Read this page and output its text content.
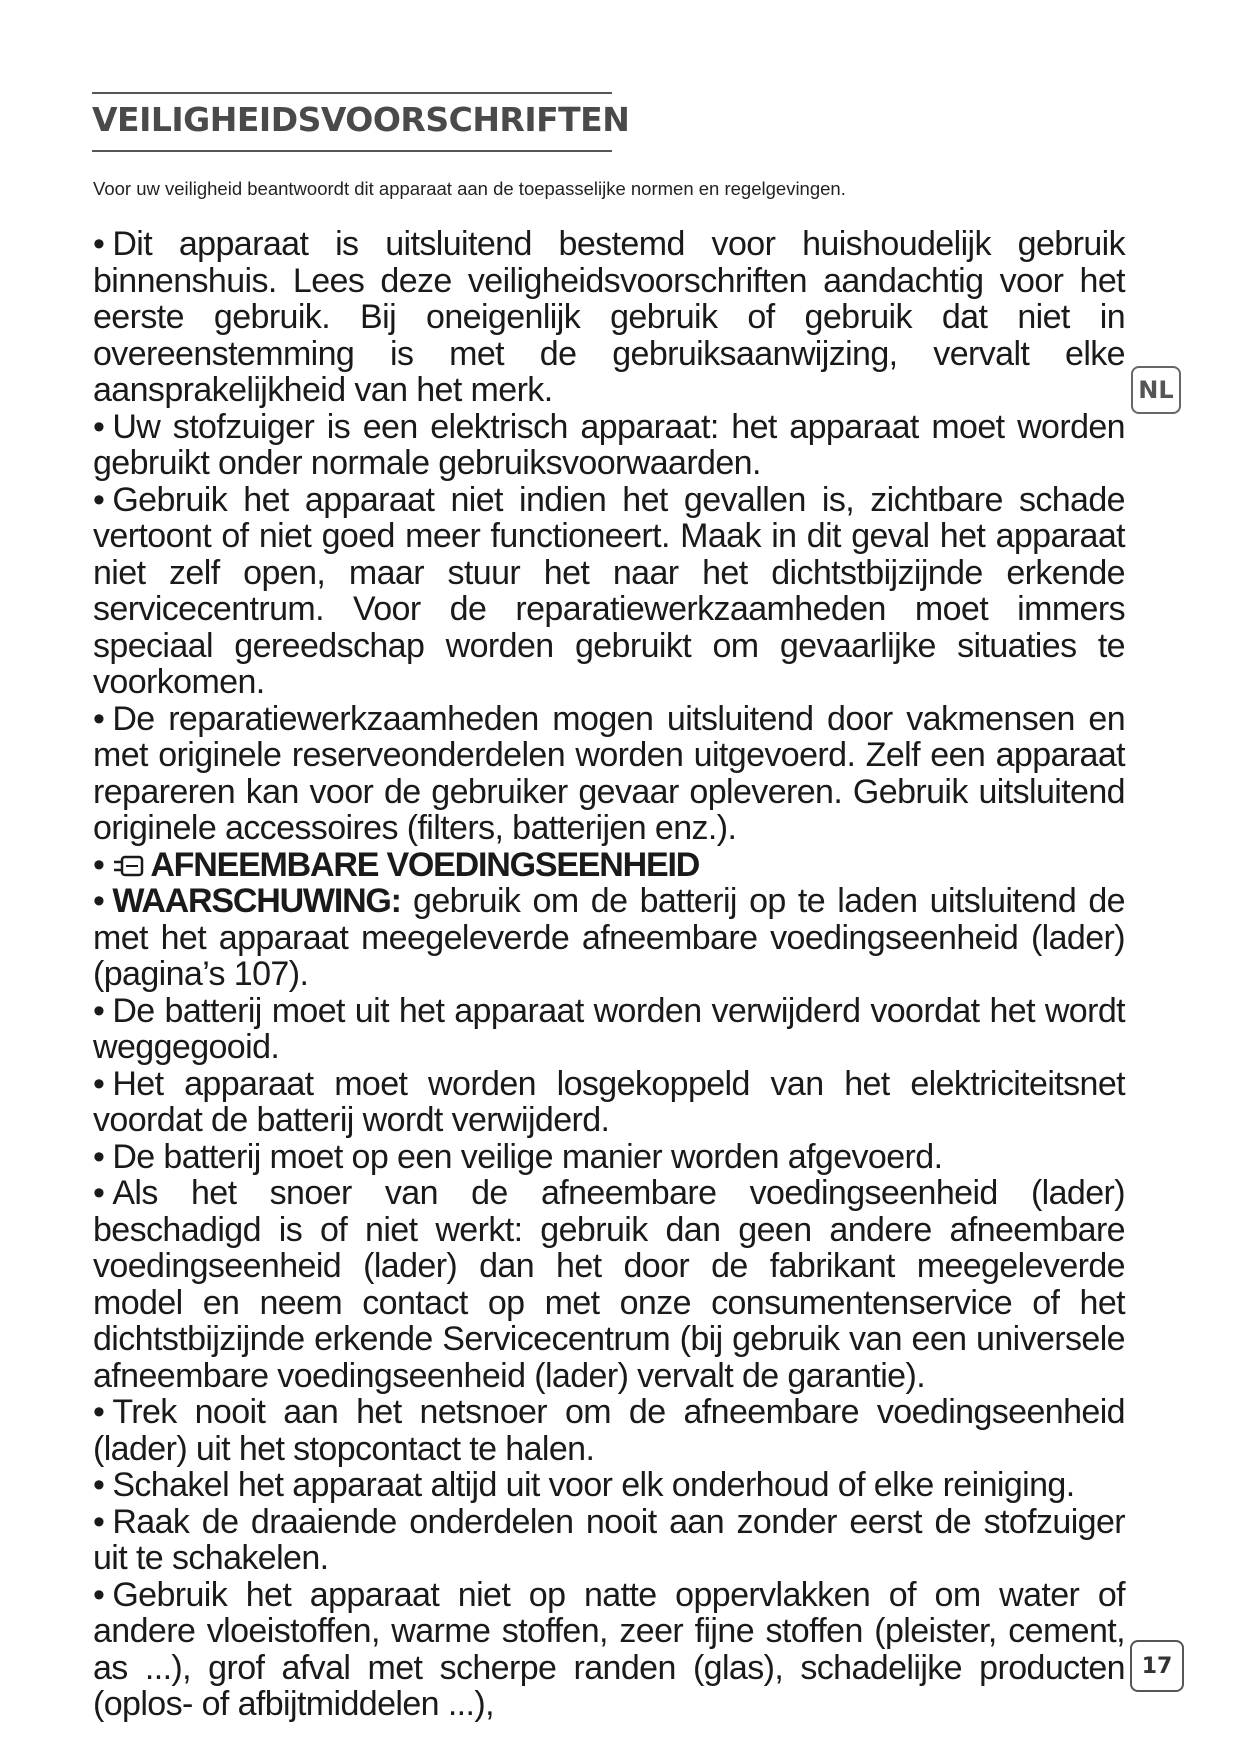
VEILIGHEIDSVOORSCHRIFTEN

Voor uw veiligheid beantwoordt dit apparaat aan de toepasselijke normen en regelgevingen.

• Dit apparaat is uitsluitend bestemd voor huishoudelijk gebruik binnenshuis. Lees deze veiligheidsvoorschriften aandachtig voor het eerste gebruik. Bij oneigenlijk gebruik of gebruik dat niet in overeenstemming is met de gebruiksaanwijzing, vervalt elke aansprakelijkheid van het merk.

• Uw stofzuiger is een elektrisch apparaat: het apparaat moet worden gebruikt onder normale gebruiksvoorwaarden.

• Gebruik het apparaat niet indien het gevallen is, zichtbare schade vertoont of niet goed meer functioneert. Maak in dit geval het apparaat niet zelf open, maar stuur het naar het dichtstbijzijnde erkende servicecentrum. Voor de reparatiewerkzaamheden moet immers speciaal gereedschap worden gebruikt om gevaarlijke situaties te voorkomen.

• De reparatiewerkzaamheden mogen uitsluitend door vakmensen en met originele reserveonderdelen worden uitgevoerd. Zelf een apparaat repareren kan voor de gebruiker gevaar opleveren. Gebruik uitsluitend originele accessoires (filters, batterijen enz.).

• AFNEEMBARE VOEDINGSEENHEID

• WAARSCHUWING: gebruik om de batterij op te laden uitsluitend de met het apparaat meegeleverde afneembare voedingseenheid (lader) (pagina’s 107).

• De batterij moet uit het apparaat worden verwijderd voordat het wordt weggegooid.

• Het apparaat moet worden losgekoppeld van het elektriciteitsnet voordat de batterij wordt verwijderd.

• De batterij moet op een veilige manier worden afgevoerd.

• Als het snoer van de afneembare voedingseenheid (lader) beschadigd is of niet werkt: gebruik dan geen andere afneembare voedingseenheid (lader) dan het door de fabrikant meegeleverde model en neem contact op met onze consumentenservice of het dichtstbijzijnde erkende Servicecentrum (bij gebruik van een universele afneembare voedingseenheid (lader) vervalt de garantie).

• Trek nooit aan het netsnoer om de afneembare voedingseenheid (lader) uit het stopcontact te halen.

• Schakel het apparaat altijd uit voor elk onderhoud of elke reiniging.

• Raak de draaiende onderdelen nooit aan zonder eerst de stofzuiger uit te schakelen.

• Gebruik het apparaat niet op natte oppervlakken of om water of andere vloeistoffen, warme stoffen, zeer fijne stoffen (pleister, cement, as ...), grof afval met scherpe randen (glas), schadelijke producten (oplos- of afbijtmiddelen ...),

NL
17
